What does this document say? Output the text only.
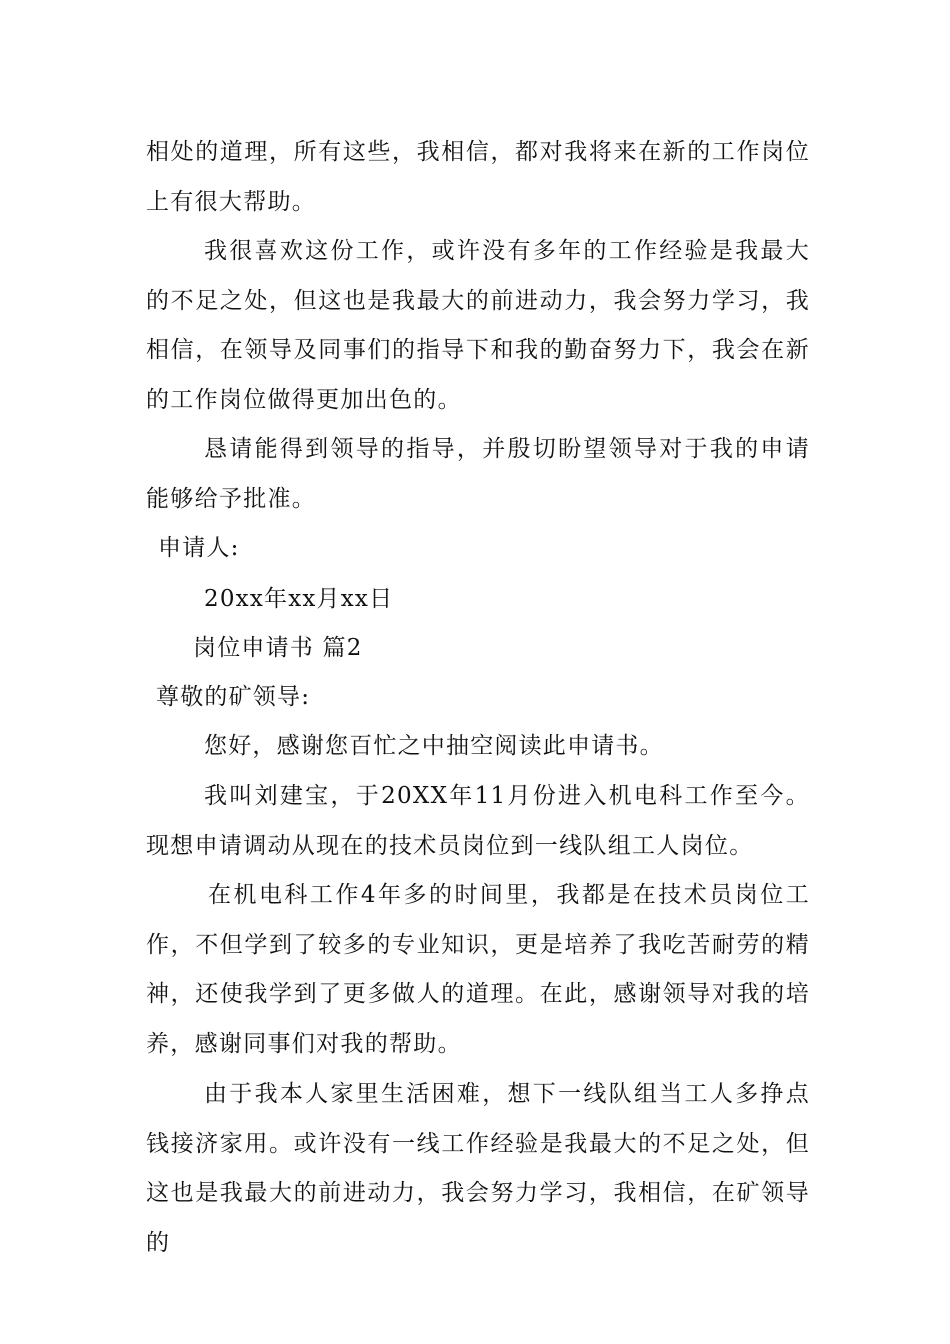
相处的道理，所有这些，我相信，都对我将来在新的工作岗位上有很大帮助。

我很喜欢这份工作，或许没有多年的工作经验是我最大的不足之处，但这也是我最大的前进动力，我会努力学习，我相信，在领导及同事们的指导下和我的勤奋努力下，我会在新的工作岗位做得更加出色的。

恳请能得到领导的指导，并殷切盼望领导对于我的申请能够给予批准。

申请人:

20xx年xx月xx日

岗位申请书 篇2

尊敬的矿领导:

您好，感谢您百忙之中抽空阅读此申请书。

我叫刘建宝，于20XX年11月份进入机电科工作至今。现想申请调动从现在的技术员岗位到一线队组工人岗位。

在机电科工作4年多的时间里，我都是在技术员岗位工作，不但学到了较多的专业知识，更是培养了我吃苦耐劳的精神，还使我学到了更多做人的道理。在此，感谢领导对我的培养，感谢同事们对我的帮助。

由于我本人家里生活困难，想下一线队组当工人多挣点钱接济家用。或许没有一线工作经验是我最大的不足之处，但这也是我最大的前进动力，我会努力学习，我相信，在矿领导的
